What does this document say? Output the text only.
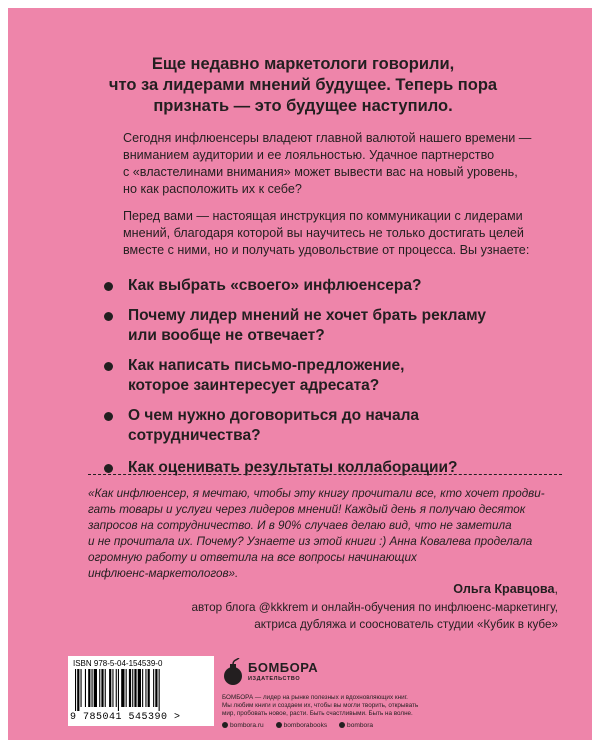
Еще недавно маркетологи говорили,
что за лидерами мнений будущее. Теперь пора
признать — это будущее наступило.

Сегодня инфлюенсеры владеют главной валютой нашего времени —
вниманием аудитории и ее лояльностью. Удачное партнерство
с «властелинами внимания» может вывести вас на новый уровень,
но как расположить их к себе?

Перед вами — настоящая инструкция по коммуникации с лидерами
мнений, благодаря которой вы научитесь не только достигать целей
вместе с ними, но и получать удовольствие от процесса. Вы узнаете:

Как выбрать «своего» инфлюенсера?
Почему лидер мнений не хочет брать рекламу
или вообще не отвечает?
Как написать письмо-предложение,
которое заинтересует адресата?
О чем нужно договориться до начала
сотрудничества?
Как оценивать результаты коллаборации?

«Как инфлюенсер, я мечтаю, чтобы эту книгу прочитали все, кто хочет продви-
гать товары и услуги через лидеров мнений! Каждый день я получаю десяток
запросов на сотрудничество. И в 90% случаев делаю вид, что не заметила
и не прочитала их. Почему? Узнаете из этой книги :) Анна Ковалева проделала
огромную работу и ответила на все вопросы начинающих
инфлюенс-маркетологов».

Ольга Кравцова,
автор блога @kkkrem и онлайн-обучения по инфлюенс-маркетингу,
актриса дубляжа и сооснователь студии «Кубик в кубе»
ISBN 978-5-04-154539-0
9 785041 545390 >
БОМБОРА
ИЗДАТЕЛЬСТВО

БОМБОРА — лидер на рынке полезных и вдохновляющих книг.
Мы любим книги и создаем их, чтобы вы могли творить, открывать
мир, пробовать новое, расти. Быть счастливыми. Быть на волне.

bombora.ru	bomborabooks	bombora
